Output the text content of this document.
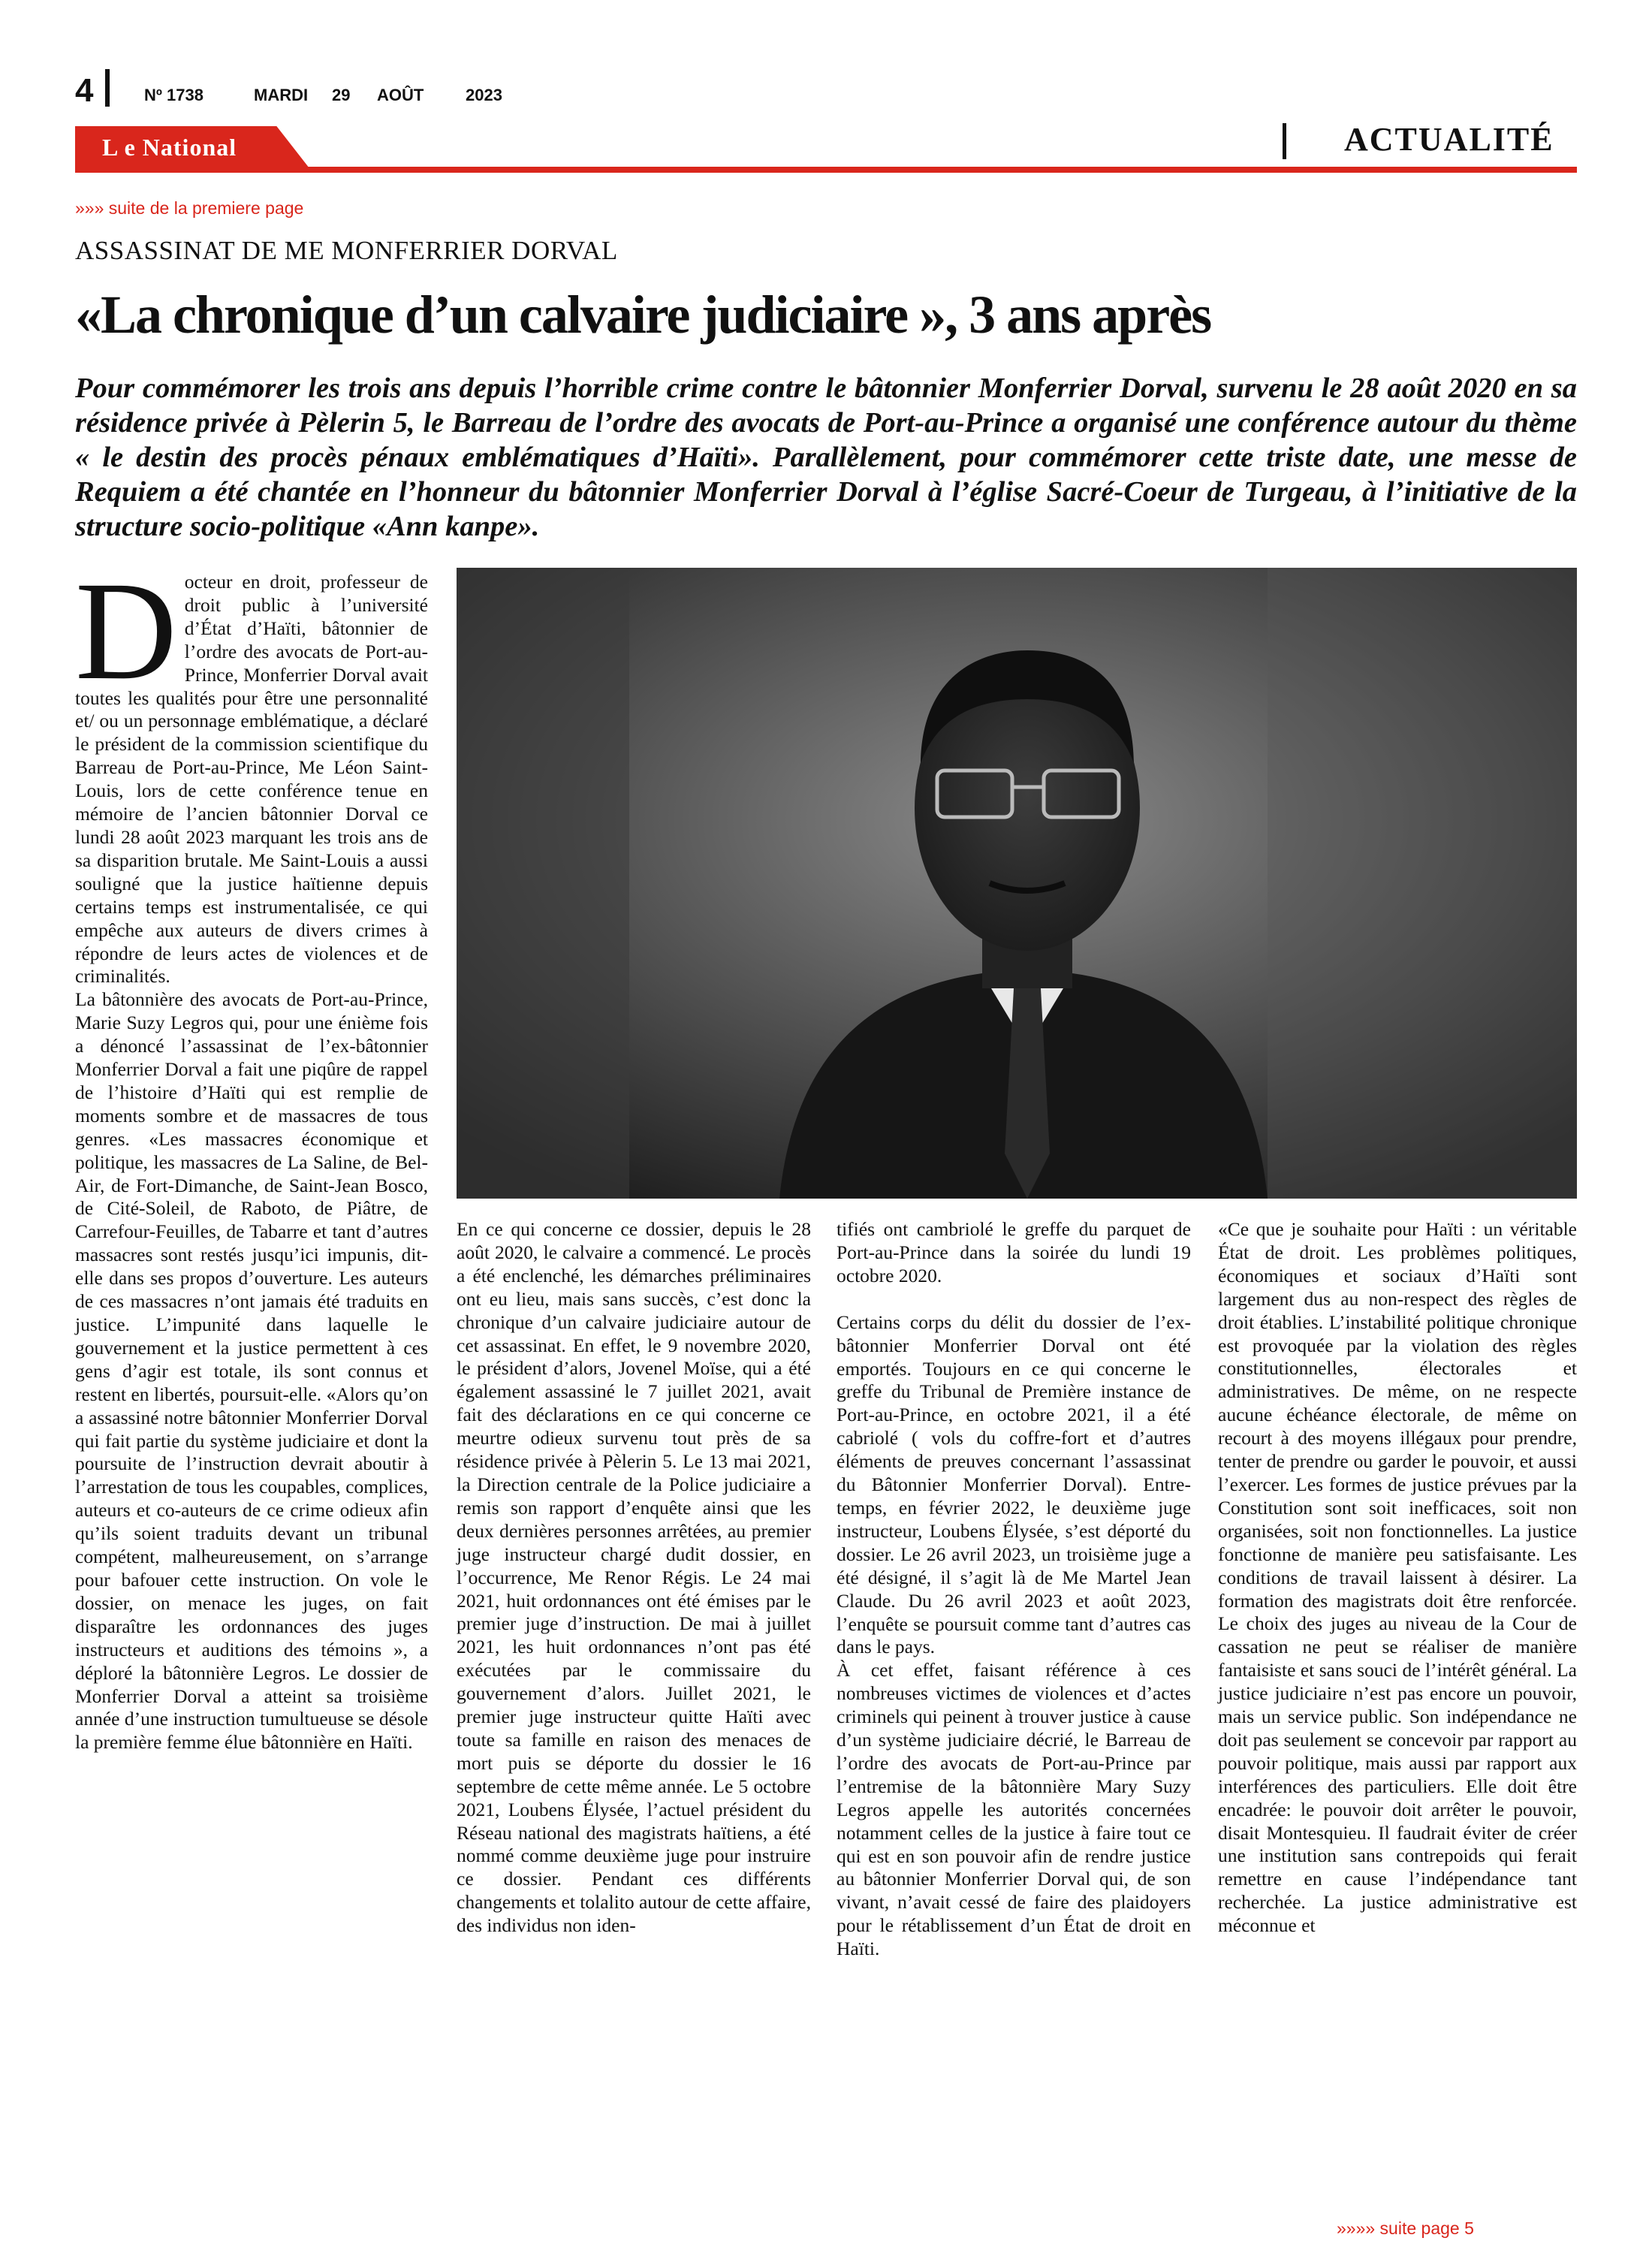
4	Nº 1738	MARDI 29 AOÛT	2023
L e National	ACTUALITÉ
»»» suite de la premiere page
ASSASSINAT DE ME MONFERRIER DORVAL
«La chronique d’un calvaire judiciaire », 3 ans après
Pour commémorer les trois ans depuis l’horrible crime contre le bâtonnier Monferrier Dorval, survenu le 28 août 2020 en sa résidence privée à Pèlerin 5, le Barreau de l’ordre des avocats de Port-au-Prince a organisé une conférence autour du thème « le destin des procès pénaux emblématiques d’Haïti». Parallèlement, pour commémorer cette triste date, une messe de Requiem a été chantée en l’honneur du bâtonnier Monferrier Dorval à l’église Sacré-Coeur de Turgeau, à l’initiative de la structure socio-politique «Ann kanpe».
D octeur en droit, professeur de droit public à l’université d’État d’Haïti, bâtonnier de l’ordre des avocats de Port-au-Prince, Monferrier Dorval avait toutes les qualités pour être une personnalité et/ ou un personnage emblématique, a déclaré le président de la commission scientifique du Barreau de Port-au-Prince, Me Léon Saint-Louis, lors de cette conférence tenue en mémoire de l’ancien bâtonnier Dorval ce lundi 28 août 2023 marquant les trois ans de sa disparition brutale. Me Saint-Louis a aussi souligné que la justice haïtienne depuis certains temps est instrumentalisée, ce qui empêche aux auteurs de divers crimes à répondre de leurs actes de violences et de criminalités.

La bâtonnière des avocats de Port-au-Prince, Marie Suzy Legros qui, pour une énième fois a dénoncé l’assassinat de l’ex-bâtonnier Monferrier Dorval a fait une piqûre de rappel de l’histoire d’Haïti qui est remplie de moments sombre et de massacres de tous genres. «Les massacres économique et politique, les massacres de La Saline, de Bel-Air, de Fort-Dimanche, de Saint-Jean Bosco, de Cité-Soleil, de Raboto, de Piâtre, de Carrefour-Feuilles, de Tabarre et tant d’autres massacres sont restés jusqu’ici impunis, dit-elle dans ses propos d’ouverture. Les auteurs de ces massacres n’ont jamais été traduits en justice. L’impunité dans laquelle le gouvernement et la justice permettent à ces gens d’agir est totale, ils sont connus et restent en libertés, poursuit-elle. «Alors qu’on a assassiné notre bâtonnier Monferrier Dorval qui fait partie du système judiciaire et dont la poursuite de l’instruction devrait aboutir à l’arrestation de tous les coupables, complices, auteurs et co-auteurs de ce crime odieux afin qu’ils soient traduits devant un tribunal compétent, malheureusement, on s’arrange pour bafouer cette instruction. On vole le dossier, on menace les juges, on fait disparaître les ordonnances des juges instructeurs et auditions des témoins », a déploré la bâtonnière Legros. Le dossier de Monferrier Dorval a atteint sa troisième année d’une instruction tumultueuse se désole la première femme élue bâtonnière en Haïti.

En ce qui concerne ce dossier, depuis le 28 août 2020, le calvaire a commencé. Le procès a été enclenché, les démarches préliminaires ont eu lieu, mais sans succès, c’est donc la chronique d’un calvaire judiciaire autour de cet assassinat. En effet, le 9 novembre 2020, le président d’alors, Jovenel Moïse, qui a été également assassiné le 7 juillet 2021, avait fait des déclarations en ce qui concerne ce meurtre odieux survenu tout près de sa résidence privée à Pèlerin 5. Le 13 mai 2021, la Direction centrale de la Police judiciaire a remis son rapport d’enquête ainsi que les deux dernières personnes arrêtées, au premier juge instructeur chargé dudit dossier, en l’occurrence, Me Renor Régis. Le 24 mai 2021, huit ordonnances ont été émises par le premier juge d’instruction. De mai à juillet 2021, les huit ordonnances n’ont pas été exécutées par le commissaire du gouvernement d’alors. Juillet 2021, le premier juge instructeur quitte Haïti avec toute sa famille en raison des menaces de mort puis se déporte du dossier le 16 septembre de cette même année. Le 5 octobre 2021, Loubens Élysée, l’actuel président du Réseau national des magistrats haïtiens, a été nommé comme deuxième juge pour instruire ce dossier. Pendant ces différents changements et tolalito autour de cette affaire, des individus non iden-

tifiés ont cambriolé le greffe du parquet de Port-au-Prince dans la soirée du lundi 19 octobre 2020.

Certains corps du délit du dossier de l’ex-bâtonnier Monferrier Dorval ont été emportés. Toujours en ce qui concerne le greffe du Tribunal de Première instance de Port-au-Prince, en octobre 2021, il a été cabriolé ( vols du coffre-fort et d’autres éléments de preuves concernant l’assassinat du Bâtonnier Monferrier Dorval). Entre-temps, en février 2022, le deuxième juge instructeur, Loubens Élysée, s’est déporté du dossier. Le 26 avril 2023, un troisième juge a été désigné, il s’agit là de Me Martel Jean Claude. Du 26 avril 2023 et août 2023, l’enquête se poursuit comme tant d’autres cas dans le pays.

À cet effet, faisant référence à ces nombreuses victimes de violences et d’actes criminels qui peinent à trouver justice à cause d’un système judiciaire décrié, le Barreau de l’ordre des avocats de Port-au-Prince par l’entremise de la bâtonnière Mary Suzy Legros appelle les autorités concernées notamment celles de la justice à faire tout ce qui est en son pouvoir afin de rendre justice au bâtonnier Monferrier Dorval qui, de son vivant, n’avait cessé de faire des plaidoyers pour le rétablissement d’un État de droit en Haïti.

«Ce que je souhaite pour Haïti : un véritable État de droit. Les problèmes politiques, économiques et sociaux d’Haïti sont largement dus au non-respect des règles de droit établies. L’instabilité politique chronique est provoquée par la violation des règles constitutionnelles, électorales et administratives. De même, on ne respecte aucune échéance électorale, de même on recourt à des moyens illégaux pour prendre, tenter de prendre ou garder le pouvoir, et aussi l’exercer. Les formes de justice prévues par la Constitution sont soit inefficaces, soit non organisées, soit non fonctionnelles. La justice fonctionne de manière peu satisfaisante. Les conditions de travail laissent à désirer. La formation des magistrats doit être renforcée. Le choix des juges au niveau de la Cour de cassation ne peut se réaliser de manière fantaisiste et sans souci de l’intérêt général. La justice judiciaire n’est pas encore un pouvoir, mais un service public. Son indépendance ne doit pas seulement se concevoir par rapport au pouvoir politique, mais aussi par rapport aux interférences des particuliers. Elle doit être encadrée: le pouvoir doit arrêter le pouvoir, disait Montesquieu. Il faudrait éviter de créer une institution sans contrepoids qui ferait remettre en cause l’indépendance tant recherchée. La justice administrative est méconnue et

»»»» suite page 5
